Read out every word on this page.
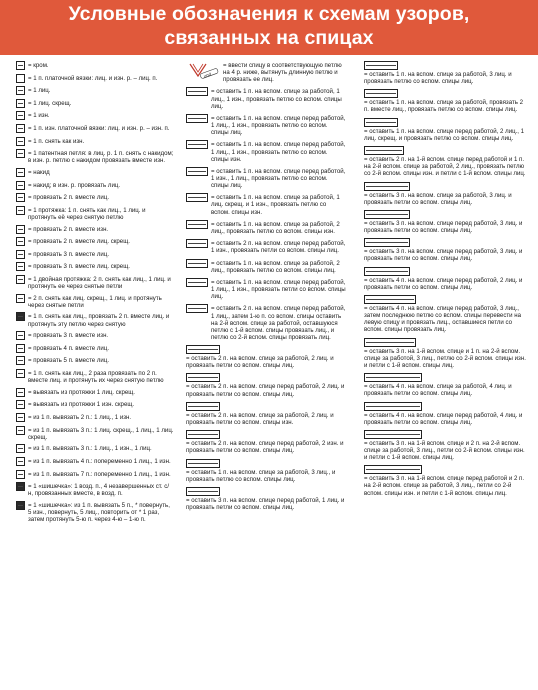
Условные обозначения к схемам узоров,
связанных на спицах
= кром.
= 1 п. платочной вязки: лиц. и изн. р. – лиц. п.
= 1 лиц.
= 1 лиц. скрещ.
= 1 изн.
= 1 п. изн. платочной вязки: лиц. и изн. р. – изн. п.
= 1 п. снять как изн.
= 1 патентная петля: в лиц. р. 1 п. снять с накидом; в изн. р. петлю с накидом провязать вместе изн.
= накид
= накид; в изн. р. провязать лиц.
= провязать 2 п. вместе лиц.
= 1 протяжка: 1 п. снять как лиц., 1 лиц. и протянуть её через снятую петлю
= провязать 2 п. вместе изн.
= провязать 2 п. вместе лиц. скрещ.
= провязать 3 п. вместе лиц.
= провязать 3 п. вместе лиц. скрещ.
= 1 двойная протяжка: 2 п. снять как лиц., 1 лиц. и протянуть ее через снятые петли
= 2 п. снять как лиц. скрещ., 1 лиц. и протянуть через снятые петли
= 1 п. снять как лиц., провязать 2 п. вместе лиц. и протянуть эту петлю через снятую
= провязать 3 п. вместе изн.
= провязать 4 п. вместе лиц.
= провязать 5 п. вместе лиц.
= 1 п. снять как лиц., 2 раза провязать по 2 п. вместе лиц. и протянуть их через снятую петлю
= вывязать из протяжки 1 лиц. скрещ.
= вывязать из протяжки 1 изн. скрещ.
= из 1 п. вывязать 2 п.: 1 лиц., 1 изн.
= из 1 п. вывязать 3 п.: 1 лиц. скрещ., 1 лиц., 1 лиц. скрещ.
= из 1 п. вывязать 3 п.: 1 лиц., 1 изн., 1 лиц.
= из 1 п. вывязать 4 п.: попеременно 1 лиц., 1 изн.
= из 1 п. вывязать 7 п.: попеременно 1 лиц., 1 изн.
= 1 «шишечка»: 1 возд. п., 4 незавершенных ст. с/н, провязанных вместе, в возд. п.
= 1 «шишечка»: из 1 п. вывязать 5 п., * повернуть, 5 изн., повернуть, 5 лиц., повторить от * 1 раз, затем протянуть 5-ю п. через 4-ю – 1-ю п.
und
= ввести спицу в соответствующую петлю на 4 р. ниже, вытянуть длинную петлю и провязать ее лиц.
= оставить 1 п. на вспом. спице за работой, 1 лиц., 1 изн., провязать петлю со вспом. спицы лиц.
= оставить 1 п. на вспом. спице перед работой, 1 лиц., 1 изн., провязать петлю со вспом. спицы лиц.
= оставить 1 п. на вспом. спице перед работой, 1 лиц., 1 изн., провязать петлю со вспом. спицы изн.
= оставить 1 п. на вспом. спице перед работой, 1 изн., 1 лиц., провязать петлю со вспом. спицы лиц.
= оставить 1 п. на вспом. спице за работой, 1 лиц. скрещ. и 1 изн., провязать петлю со вспом. спицы изн.
= оставить 1 п. на вспом. спице за работой, 2 лиц., провязать петлю со вспом. спицы изн.
= оставить 2 п. на вспом. спице перед работой, 1 изн., провязать петли со вспом. спицы лиц.
= оставить 1 п. на вспом. спице за работой, 2 лиц., провязать петлю со вспом. спицы лиц.
= оставить 1 п. на вспом. спице перед работой, 1 лиц., 1 изн., провязать петли со вспом. спицы лиц.
= оставить 2 п. на вспом. спице перед работой, 1 лиц., затем 1-ю п. со вспом. спицы оставить на 2-й вспом. спице за работой, оставшуюся петлю с 1-й вспом. спицы провязать лиц., и петлю со 2-й вспом. спицы провязать лиц.
= оставить 2 п. на вспом. спице за работой, 2 лиц. и провязать петли со вспом. спицы лиц.
= оставить 2 п. на вспом. спице перед работой, 2 лиц. и провязать петли со вспом. спицы лиц.
= оставить 2 п. на вспом. спице за работой, 2 лиц. и провязать петли со вспом. спицы изн.
= оставить 2 п. на вспом. спице перед работой, 2 изн. и провязать петли со вспом. спицы лиц.
= оставить 1 п. на вспом. спице за работой, 3 лиц., и провязать петлю со вспом. спицы лиц.
= оставить 3 п. на вспом. спице перед работой, 1 лиц. и провязать петли со вспом. спицы лиц.
= оставить 1 п. на вспом. спице за работой, 3 лиц. и провязать петлю со вспом. спицы лиц.
= оставить 1 п. на вспом. спице за работой, провязать 2 п. вместе лиц., провязать петлю со вспом. спицы лиц.
= оставить 1 п. на вспом. спице перед работой, 2 лиц., 1 лиц. скрещ. и провязать петлю со вспом. спицы лиц.
= оставить 2 п. на 1-й вспом. спице перед работой и 1 п. на 2-й вспом. спице за работой, 2 лиц., провязать петлю со 2-й вспом. спицы изн. и петли с 1-й вспом. спицы лиц.
= оставить 3 п. на вспом. спице за работой, 3 лиц. и провязать петли со вспом. спицы лиц.
= оставить 3 п. на вспом. спице перед работой, 3 лиц. и провязать петли со вспом. спицы лиц.
= оставить 3 п. на вспом. спице перед работой, 3 лиц. и провязать петли со вспом. спицы лиц.
= оставить 4 п. на вспом. спице перед работой, 2 лиц. и провязать петли со вспом. спицы лиц.
= оставить 4 п. на вспом. спице перед работой, 3 лиц., затем последнюю петлю со вспом. спицы перевести на левую спицу и провязать лиц., оставшиеся петли со вспом. спицы провязать лиц.
= оставить 3 п. на 1-й вспом. спице и 1 п. на 2-й вспом. спице за работой, 3 лиц., петлю со 2-й вспом. спицы изн. и петли с 1-й вспом. спицы лиц.
= оставить 4 п. на вспом. спице за работой, 4 лиц. и провязать петли со вспом. спицы лиц.
= оставить 4 п. на вспом. спице перед работой, 4 лиц. и провязать петли со вспом. спицы лиц.
= оставить 3 п. на 1-й вспом. спице и 2 п. на 2-й вспом. спице за работой, 3 лиц., петли со 2-й вспом. спицы изн. и петли с 1-й вспом. спицы лиц.
= оставить 3 п. на 1-й вспом. спице перед работой и 2 п. на 2-й вспом. спице за работой, 3 лиц., петли со 2-й вспом. спицы изн. и петли с 1-й вспом. спицы лиц.
